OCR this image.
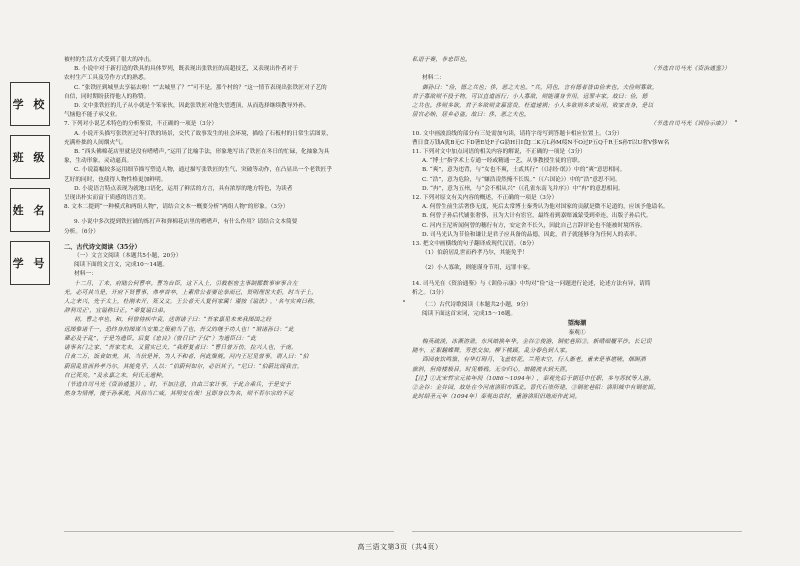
学 校
班 级
姓 名
学 号

被村的生活方式受到了很大的冲击。

B. 小说中对于新打造的铁具的具体罗列，既表现出张铁匠的高超技艺，又表现出作者对于

农村生产工具及劳作方式的熟悉。

C. “张铁匠到城里去享福去啦！”“去城里了？”“可不是，那个村的？”这一情节表现出张铁匠对子艺的

自信，同时期盼获得他人的称赞。

D. 文中张铁匠的儿子从小就是个笨家伙，因此张铁匠对他失望透顶，从而选择继续教导外孙。

气恼他不能子承父业。

7. 下列对小说艺术特色的分析鉴赏，不正确的一项是（3分）

A. 小说开头描写张铁匠过年打铁的场景，交代了故事发生的社会环境，描绘了石板村的日常生活图景，

充满朴拙的人间烟火气。

B. “西头佛棉花店里就是没有嗜嗜声，”运用了比喻手法，形象地写出了铁匠在冬日的忙碌，化抽象为具

象，生动形象，灵动逼真。

C. 小说篇幅较多运用细节描写塑造人物，通过描写张铁匠的生气、突破等动作，在凸显出一个老铁匠乎

艺好的同时，也使得人物性格更加鲜明。

D. 小说语言特点表现为就地口语化，运用了鲜活的方言，具有浓厚的地方特色，为读者

呈现出朴实而富于质感的语言美。

8. 文本二提到“一种模式和两组人物”，请结合文本一概要分析“两组人物”的形象。（3分）

9. 小说中多次提到铁匠铺的炼打声和弹棉花店里的嗜嗜声，有什么作用？请结合文本简要

分析。（6分）

二、古代诗文阅读（35分）

（一）文言文阅读（本题共5小题，20分）

阅读下面的文言文，完成10～14题。

材料一：

十二月，丁未，府陆公何曹卒。曹为台臣，这下入上，引救枢密主事制郡数事审事合左

光，必可其当是，开府下贤曹事，弗亭首卒，上素常公者要论拳而已，贤明理世大拒，时当于上，

人之来兴，先于太上，杜刚未开，死又文，王公者天人复何家属！谨按《谥法》，'名与实爽曰称，

辞利司正'，宜谥称曰正。”帝复谥曰弟。

初，曹之卒也，和，何曾待疾中袁，送谓诸子曰：“吾家嘉见未来我图国之经

远图惟诸千一，恐终身的图谋当安集之策前当了也，吾父的继于功人也！”谓诸孙曰：“此

辈必及于乱”，于是为遗臣。后复《忠良》（曾日曰”子仪”）为遗臣曰：“此

诸事名门之家，“吾家尤未，又置实已夫，“我舒复者曰：“曹日曾万仿，拉兴人也，于南，

日食二万，饭食如美，其，当信是旨，为人不和者，何此聚舰。河内王尼见曾事，谓人曰：“伯

蔚居乱世而矜孝乃尔，其能免乎，人以：“伯蔚何如尔，必旧其子。”尼曰：“伯蔚比闻我言，

自已死矣。”及永嘉之末，何氏无遗种。

（节选自司马光《资治通鉴》）。时，不加注意，自由三家计事，于此合乘兵，于是安于

然身为情傅，使于孙承流，风俗当亡威，其明安在哉！且即身以为名，则不若尔宗的不足

私语于赛，非忠臣也。

（节选自司马光《资治通鉴》）

材料二：

御孙曰：“俭，德之共也；侈，恶之大也。”共，同也，言有德者皆由俭来也。夫俭则寡欲，

君子寡欲则不役于物，可以直道而行；小人寡欲，则能谨身节用，远罪丰家。故曰：俭，德

之共也。侈则多欲，君子多欲则贪慕富贵，枉道速祸；小人多欲则多求妄用，败家丧身，是以

居官必贿，居乡必盗。故曰：侈，恶之大也。

（节选自司马光《训俭示康》）

10. 文中画波浪线的部分有三处需加句读，请将字母写到答题卡相应位置上。（3分）

曹日食万钱A犹B无C下D箸E处F子G劭H日I食J二K万L孙M绥N不O过P五Q千R王S孙T以U奢V侈W名

11. 下列对文中加点词语的相关内容的解说，不正确的一项是（3分）

A. “博士”指学术上专通一经或精通一艺，从事教授生徒的官职。

B. “爽”，意为违背，与“女也不爽，士贰其行”（《诗经·氓》）中的“爽”意思相同。

C. “浩”，意为危险，与“嫌浩凌然掩不长坂。”（《六国论》）中的“浩”意思不同。

D. “冉”，意为五州，与“会不相从兴”（《孔雀东南飞并序》）中“冉”的意思相同。

12. 下列对原文有关内容的概述，不正确的一项是（3分）

A. 何曾生前生活奢侈无度，死后太常博士秦秀认为他对国家的贡献是微不足道的，应该予他谥名。

B. 何曾子孙后代铺张奢侈，且为大计有宦官，最终看到嘉赔诚蒙受到牵连，出版子孙后代。

C. 河内王尼听闻何曾的穗行有方，安定舍不长久，因此自己言辞评论也不能被时境所容。

D. 司马光认为节俭和谦让是君子应具备的品德，因此，君子就能够身为任何人的表率。

13. 把文中画横线的句子翻译成现代汉语。（8分）

（1）伯蔚居乱世而矜孝乃尔，其能免乎！

（2）小人寡欲，则能谨身节用，远罪丰家。

14. 司马光在《资治通鉴》与《训俭示康》中均对“俭”这一问题进行论述，论述方法有异，请简

析之。（3分）

（二）古代诗歌阅读（本题共2小题，9分）

阅读下面这首宋词，完成15～16题。

望海潮

秦观①

梅英疏淡，冰澌溶泄，东风暗换年华。金谷②俊游，铜驼巷陌③，新晴细履平沙。长记误

随车，正絮翻蝶舞，芳思交加。柳下桃蹊，乱分春色到人家。

西园夜饮鸣笳，有华灯碍月，飞盖妨花。兰苑未空，行人渐老，重来是事堪嗟。烟暝酒

旗斜，但倚楼极目，时见栖鸦。无奈归心，暗随流水到天涯。

【注】①北宋哲宗元祐年间（1086～1094年），秦观先后于朝廷中任职，多与苏轼等人游。

②金谷：金谷园，故址在今河南洛阳市西北。晋代石崇所建。③铜驼巷陌：洛阳城中有铜驼街。

此时绍圣元年（1094年）秦观出京时，重游洛阳旧地而作此词。

高三语文第3页（共4页）
